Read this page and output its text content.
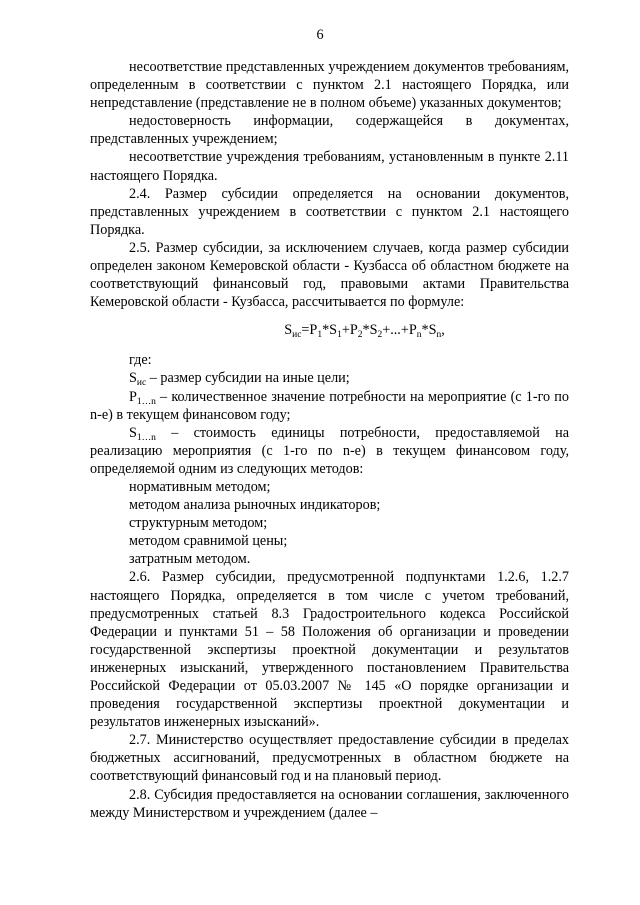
6

несоответствие представленных учреждением документов требованиям, определенным в соответствии с пунктом 2.1 настоящего Порядка, или непредставление (представление не в полном объеме) указанных документов;

недостоверность информации, содержащейся в документах, представленных учреждением;

несоответствие учреждения требованиям, установленным в пункте 2.11 настоящего Порядка.

2.4. Размер субсидии определяется на основании документов, представленных учреждением в соответствии с пунктом 2.1 настоящего Порядка.

2.5. Размер субсидии, за исключением случаев, когда размер субсидии определен законом Кемеровской области - Кузбасса об областном бюджете на соответствующий финансовый год, правовыми актами Правительства Кемеровской области - Кузбасса, рассчитывается по формуле:

$S_{ис}=P_1*S_1+P_2*S_2+...+P_n*S_n$,

где:

$S_{ис}$ – размер субсидии на иные цели;

$P_{1\dots n}$ – количественное значение потребности на мероприятие (с 1-го по n-е) в текущем финансовом году;

$S_{1\dots n}$ – стоимость единицы потребности, предоставляемой на реализацию мероприятия (с 1-го по n-е) в текущем финансовом году, определяемой одним из следующих методов:

нормативным методом;

методом анализа рыночных индикаторов;

структурным методом;

методом сравнимой цены;

затратным методом.

2.6. Размер субсидии, предусмотренной подпунктами 1.2.6, 1.2.7 настоящего Порядка, определяется в том числе с учетом требований, предусмотренных статьей 8.3 Градостроительного кодекса Российской Федерации и пунктами 51 – 58 Положения об организации и проведении государственной экспертизы проектной документации и результатов инженерных изысканий, утвержденного постановлением Правительства Российской Федерации от 05.03.2007 № 145 «О порядке организации и проведения государственной экспертизы проектной документации и результатов инженерных изысканий».

2.7. Министерство осуществляет предоставление субсидии в пределах бюджетных ассигнований, предусмотренных в областном бюджете на соответствующий финансовый год и на плановый период.

2.8. Субсидия предоставляется на основании соглашения, заключенного между Министерством и учреждением (далее –
